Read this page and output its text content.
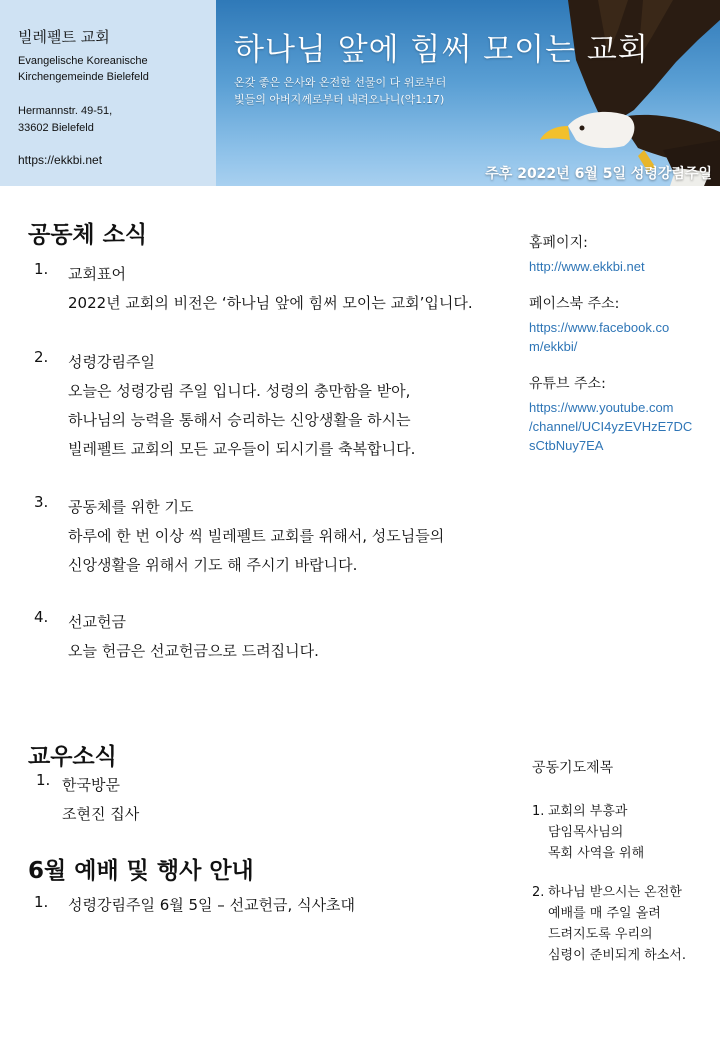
빌레펠트 교회
Evangelische Koreanische
Kirchengemeinde Bielefeld
Hermannstr. 49-51,
33602 Bielefeld
https://ekkbi.net
하나님 앞에 힘써 모이는 교회
온갖 좋은 은사와 온전한 선물이 다 위로부터
빛들의 아버지께로부터 내려오나니(약1:17)
주후 2022년 6월 5일 성령강림주일
공동체 소식
1. 교회표어
2022년 교회의 비전은 ‘하나님 앞에 힘써 모이는 교회’입니다.
2. 성령강림주일
오늘은 성령강림 주일 입니다. 성령의 충만함을 받아,
하나님의 능력을 통해서 승리하는 신앙생활을 하시는
빌레펠트 교회의 모든 교우들이 되시기를 축복합니다.
3. 공동체를 위한 기도
하루에 한 번 이상 씩 빌레펠트 교회를 위해서, 성도님들의
신앙생활을 위해서 기도 해 주시기 바랍니다.
4. 선교헌금
오늘 헌금은 선교헌금으로 드려집니다.
홈페이지:
http://www.ekkbi.net
페이스북 주소:
https://www.facebook.co
m/ekkbi/
유튜브 주소:
https://www.youtube.com
/channel/UCI4yzEVHzE7DC
sCtbNuy7EA
교우소식
1. 한국방문
조현진 집사
6월 예배 및 행사 안내
1. 성령강림주일 6월 5일 – 선교헌금, 식사초대
공동기도제목
1. 교회의 부흥과
담임목사님의
목회 사역을 위해
2. 하나님 받으시는 온전한
예배를 매 주일 올려
드려지도록 우리의
심령이 준비되게 하소서.
